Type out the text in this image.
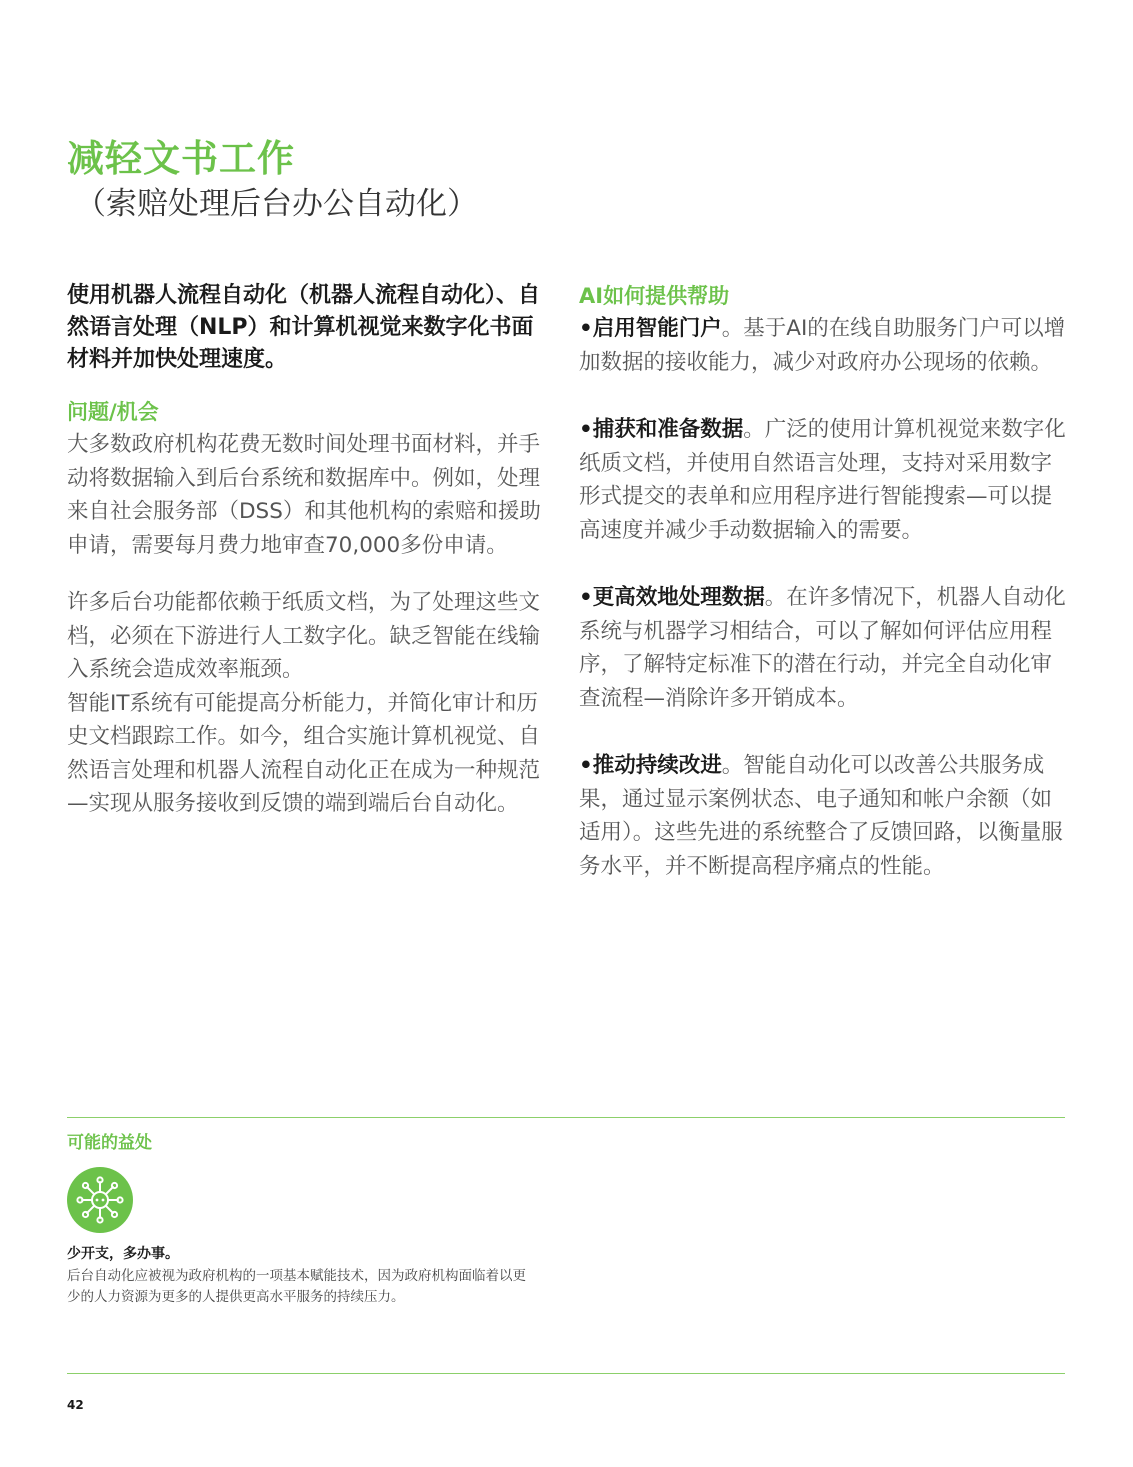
减轻文书工作
（索赔处理后台办公自动化）

使用机器人流程自动化（机器人流程自动化）、自然语言处理（NLP）和计算机视觉来数字化书面材料并加快处理速度。

问题/机会

大多数政府机构花费无数时间处理书面材料，并手动将数据输入到后台系统和数据库中。例如，处理来自社会服务部（DSS）和其他机构的索赔和援助申请，需要每月费力地审查70,000多份申请。

许多后台功能都依赖于纸质文档，为了处理这些文档，必须在下游进行人工数字化。缺乏智能在线输入系统会造成效率瓶颈。

智能IT系统有可能提高分析能力，并简化审计和历史文档跟踪工作。如今，组合实施计算机视觉、自然语言处理和机器人流程自动化正在成为一种规范—实现从服务接收到反馈的端到端后台自动化。

AI如何提供帮助

•启用智能门户。基于AI的在线自助服务门户可以增加数据的接收能力，减少对政府办公现场的依赖。

•捕获和准备数据。广泛的使用计算机视觉来数字化纸质文档，并使用自然语言处理，支持对采用数字形式提交的表单和应用程序进行智能搜索—可以提高速度并减少手动数据输入的需要。

•更高效地处理数据。在许多情况下，机器人自动化系统与机器学习相结合，可以了解如何评估应用程序，了解特定标准下的潜在行动，并完全自动化审查流程—消除许多开销成本。

•推动持续改进。智能自动化可以改善公共服务成果，通过显示案例状态、电子通知和帐户余额（如适用）。这些先进的系统整合了反馈回路，以衡量服务水平，并不断提高程序痛点的性能。

可能的益处
少开支，多办事。
后台自动化应被视为政府机构的一项基本赋能技术，因为政府机构面临着以更少的人力资源为更多的人提供更高水平服务的持续压力。
42
